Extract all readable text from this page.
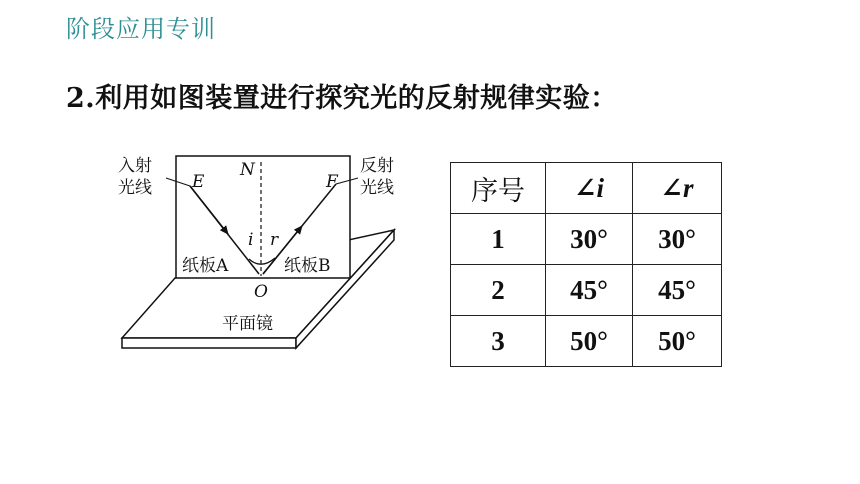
阶段应用专训
2.利用如图装置进行探究光的反射规律实验：
入射
光线
反射
光线
E
N
F
i r
纸板A	纸板B
O
平面镜
序号	∠i	∠r
1	30°	30°
2	45°	45°
3	50°	50°
